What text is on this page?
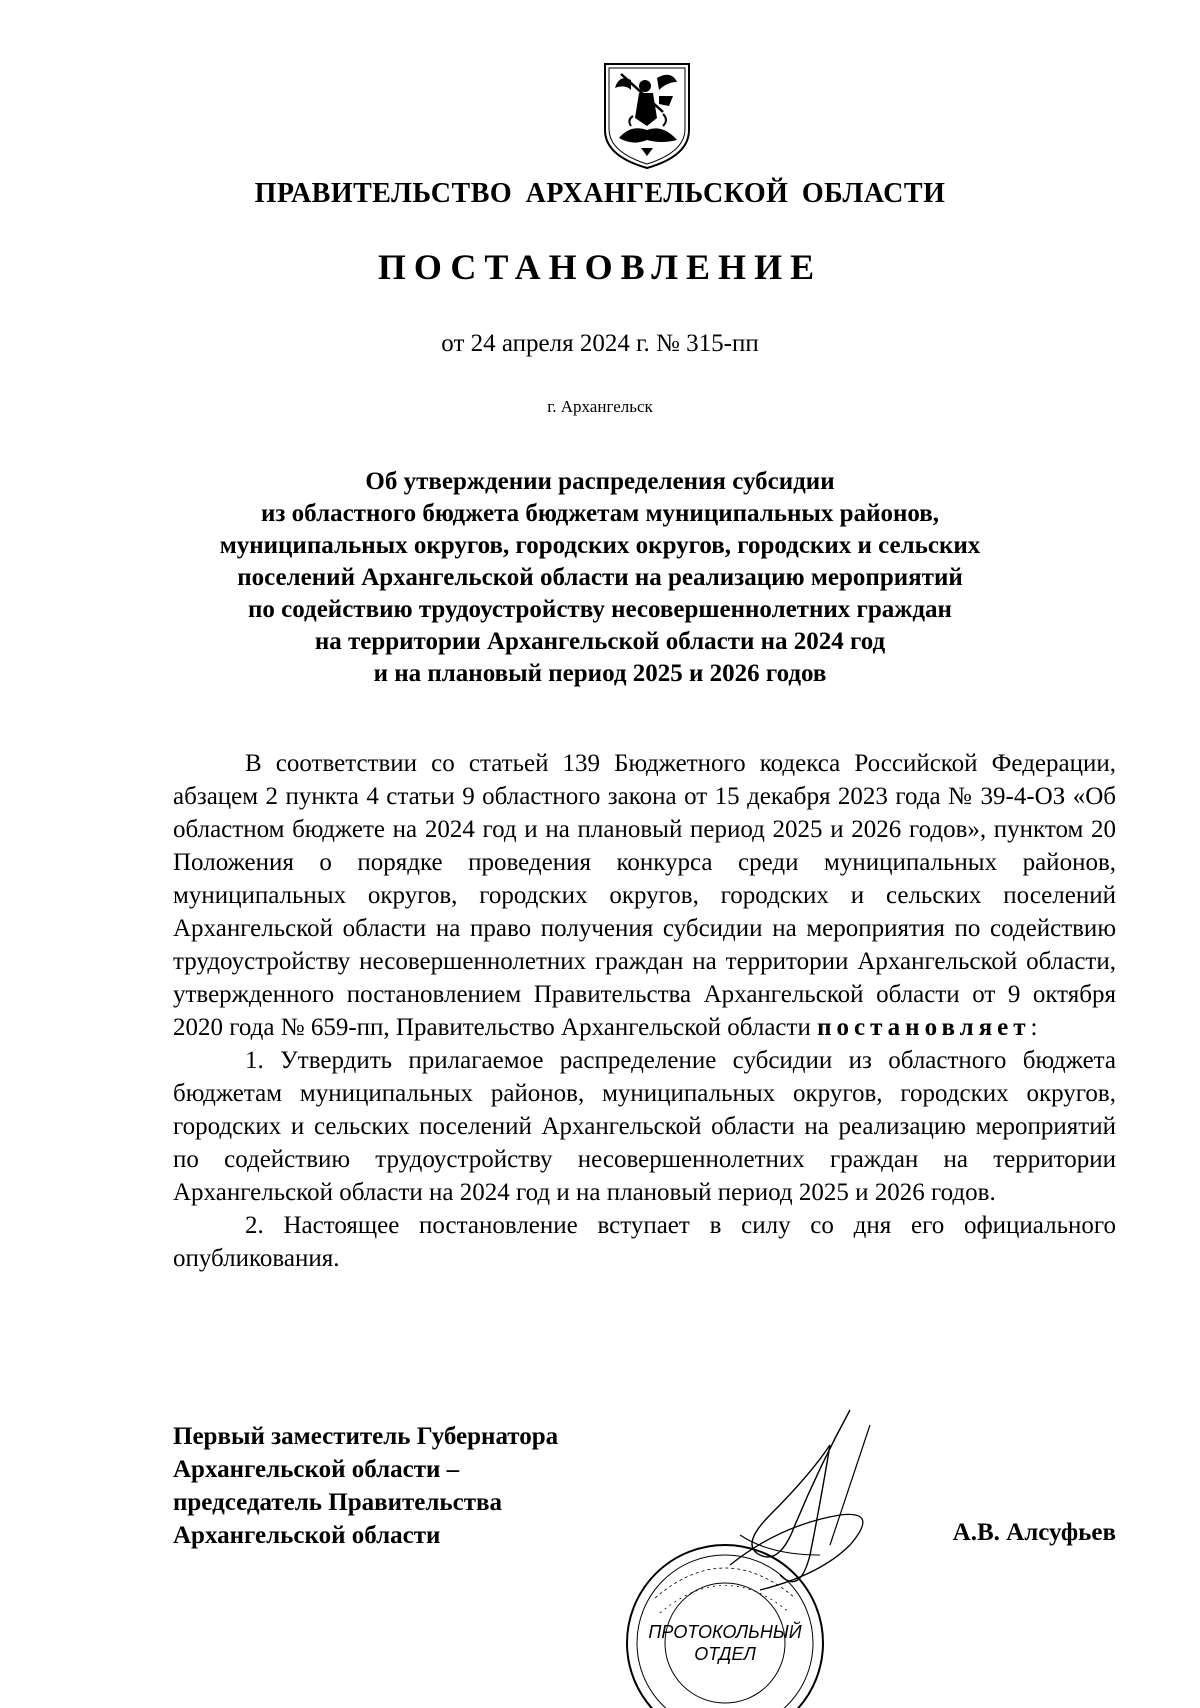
ПРАВИТЕЛЬСТВО АРХАНГЕЛЬСКОЙ ОБЛАСТИ
ПОСТАНОВЛЕНИЕ
от 24 апреля 2024 г. № 315-пп
г. Архангельск
Об утверждении распределения субсидии
из областного бюджета бюджетам муниципальных районов,
муниципальных округов, городских округов, городских и сельских
поселений Архангельской области на реализацию мероприятий
по содействию трудоустройству несовершеннолетних граждан
на территории Архангельской области на 2024 год
и на плановый период 2025 и 2026 годов
В соответствии со статьей 139 Бюджетного кодекса Российской Федерации, абзацем 2 пункта 4 статьи 9 областного закона от 15 декабря 2023 года № 39-4-ОЗ «Об областном бюджете на 2024 год и на плановый период 2025 и 2026 годов», пунктом 20 Положения о порядке проведения конкурса среди муниципальных районов, муниципальных округов, городских округов, городских и сельских поселений Архангельской области на право получения субсидии на мероприятия по содействию трудоустройству несовершеннолетних граждан на территории Архангельской области, утвержденного постановлением Правительства Архангельской области от 9 октября 2020 года № 659-пп, Правительство Архангельской области постановляет:
1. Утвердить прилагаемое распределение субсидии из областного бюджета бюджетам муниципальных районов, муниципальных округов, городских округов, городских и сельских поселений Архангельской области на реализацию мероприятий по содействию трудоустройству несовершеннолетних граждан на территории Архангельской области на 2024 год и на плановый период 2025 и 2026 годов.
2. Настоящее постановление вступает в силу со дня его официального опубликования.
Первый заместитель Губернатора
Архангельской области –
председатель Правительства
Архангельской области	А.В. Алсуфьев
ПРОТОКОЛЬНЫЙ
ОТДЕЛ
